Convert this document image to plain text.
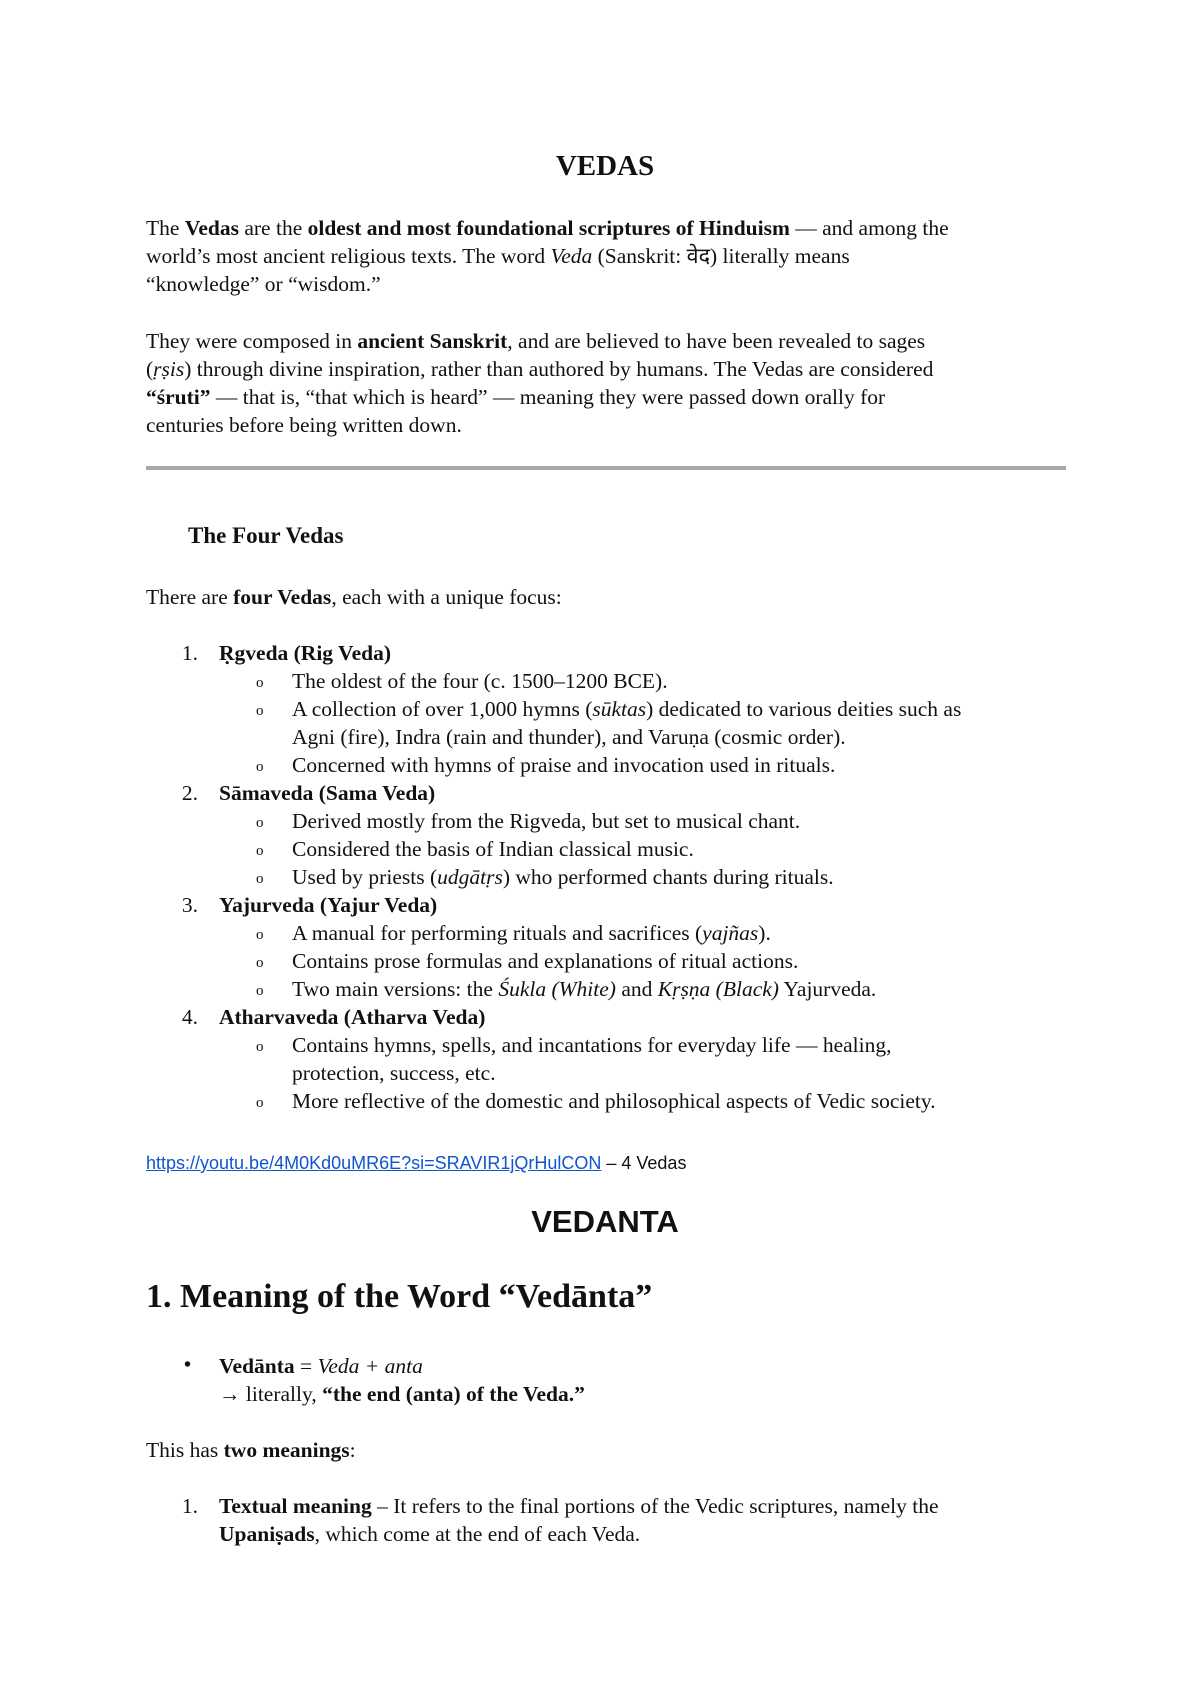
VEDAS
The Vedas are the oldest and most foundational scriptures of Hinduism — and among the
world’s most ancient religious texts. The word Veda (Sanskrit: वेद) literally means
“knowledge” or “wisdom.”
They were composed in ancient Sanskrit, and are believed to have been revealed to sages
(ṛṣis) through divine inspiration, rather than authored by humans. The Vedas are considered
“śruti” — that is, “that which is heard” — meaning they were passed down orally for
centuries before being written down.
The Four Vedas
There are four Vedas, each with a unique focus:
1. Ṛgveda (Rig Veda)
o The oldest of the four (c. 1500–1200 BCE).
o A collection of over 1,000 hymns (sūktas) dedicated to various deities such as
Agni (fire), Indra (rain and thunder), and Varuṇa (cosmic order).
o Concerned with hymns of praise and invocation used in rituals.
2. Sāmaveda (Sama Veda)
o Derived mostly from the Rigveda, but set to musical chant.
o Considered the basis of Indian classical music.
o Used by priests (udgātṛs) who performed chants during rituals.
3. Yajurveda (Yajur Veda)
o A manual for performing rituals and sacrifices (yajñas).
o Contains prose formulas and explanations of ritual actions.
o Two main versions: the Śukla (White) and Kṛṣṇa (Black) Yajurveda.
4. Atharvaveda (Atharva Veda)
o Contains hymns, spells, and incantations for everyday life — healing,
protection, success, etc.
o More reflective of the domestic and philosophical aspects of Vedic society.
https://youtu.be/4M0Kd0uMR6E?si=SRAVIR1jQrHulCON – 4 Vedas
VEDANTA
1. Meaning of the Word “Vedānta”
• Vedānta = Veda + anta
→ literally, “the end (anta) of the Veda.”
This has two meanings:
1. Textual meaning – It refers to the final portions of the Vedic scriptures, namely the
Upaniṣads, which come at the end of each Veda.
